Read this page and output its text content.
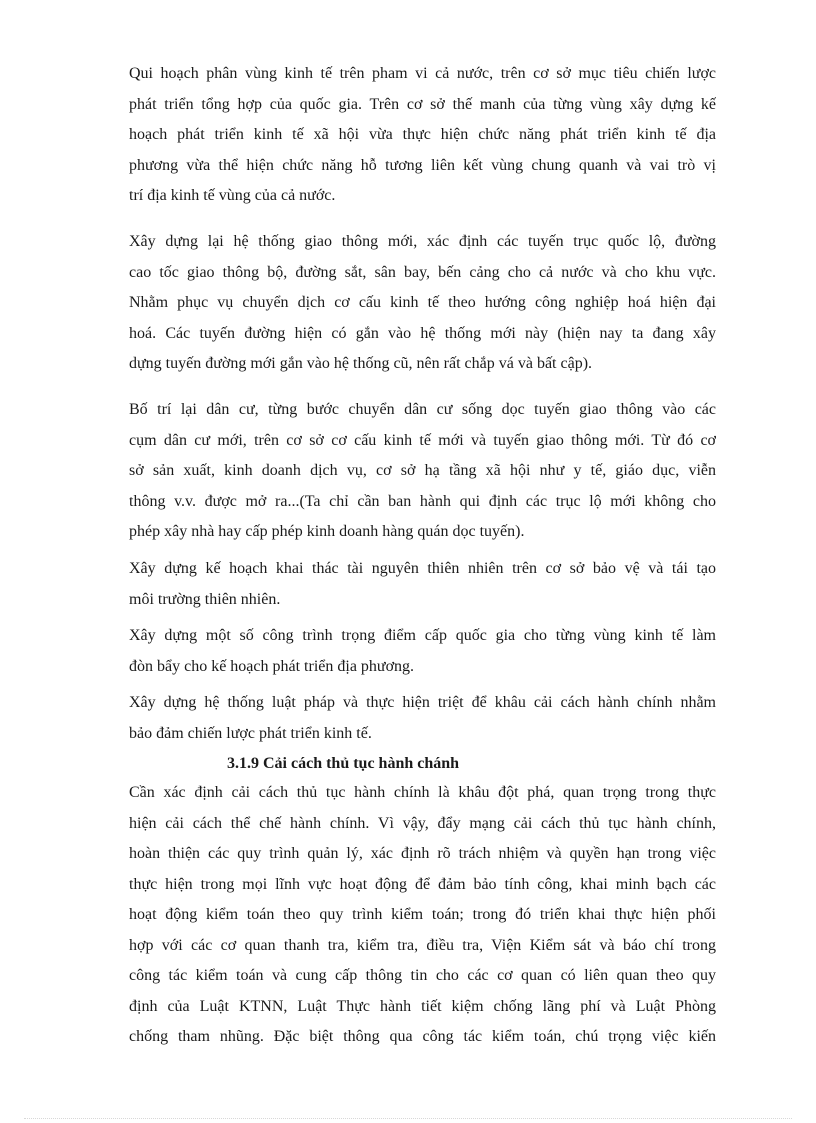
Qui hoạch phân vùng kinh tế trên pham vi cả nước, trên cơ sở mục tiêu chiến lược
phát triển tổng hợp của quốc gia. Trên cơ sở thế manh của từng vùng xây dựng kế
hoạch phát triển kinh tế xã hội vừa thực hiện chức năng phát triển kinh tế địa
phương vừa thể hiện chức năng hỗ tương liên kết vùng chung quanh và vai trò vị
trí địa kinh tế vùng của cả nước.
Xây dựng lại hệ thống giao thông mới, xác định các tuyến trục quốc lộ, đường
cao tốc giao thông bộ, đường sắt, sân bay, bến cảng cho cả nước và cho khu vực.
Nhằm phục vụ chuyển dịch cơ cấu kinh tế theo hướng công nghiệp hoá hiện đại
hoá. Các tuyến đường hiện có gắn vào hệ thống mới này (hiện nay ta đang xây
dựng tuyến đường mới gắn vào hệ thống cũ, nên rất chắp vá và bất cập).
Bố trí lại dân cư, từng bước chuyển dân cư sống dọc tuyến giao thông vào các
cụm dân cư mới, trên cơ sở cơ cấu kinh tế mới và tuyến giao thông mới. Từ đó cơ
sở sản xuất, kinh doanh dịch vụ, cơ sở hạ tầng xã hội như y tế, giáo dục, viễn
thông v.v. được mở ra...(Ta chỉ cần ban hành qui định các trục lộ mới không cho
phép xây nhà hay cấp phép kinh doanh hàng quán dọc tuyến).
Xây dựng kế hoạch khai thác tài nguyên thiên nhiên trên cơ sở bảo vệ và tái tạo
môi trường thiên nhiên.
Xây dựng một số công trình trọng điểm cấp quốc gia cho từng vùng kinh tế làm
đòn bẩy cho kế hoạch phát triển địa phương.
Xây dựng hệ thống luật pháp và thực hiện triệt để khâu cải cách hành chính nhằm
bảo đảm chiến lược phát triển kinh tế.
3.1.9 Cải cách thủ tục hành chánh
Cần xác định cải cách thủ tục hành chính là khâu đột phá, quan trọng trong thực
hiện cải cách thể chế hành chính. Vì vậy, đẩy mạng cải cách thủ tục hành chính,
hoàn thiện các quy trình quản lý, xác định rõ trách nhiệm và quyền hạn trong việc
thực hiện trong mọi lĩnh vực hoạt động để đảm bảo tính công, khai minh bạch các
hoạt động kiểm toán theo quy trình kiểm toán; trong đó triển khai thực hiện phối
hợp với các cơ quan thanh tra, kiểm tra, điều tra, Viện Kiểm sát và báo chí trong
công tác kiểm toán và cung cấp thông tin cho các cơ quan có liên quan theo quy
định của Luật KTNN, Luật Thực hành tiết kiệm chống lãng phí và Luật Phòng
chống tham nhũng. Đặc biệt thông qua công tác kiểm toán, chú trọng việc kiến
